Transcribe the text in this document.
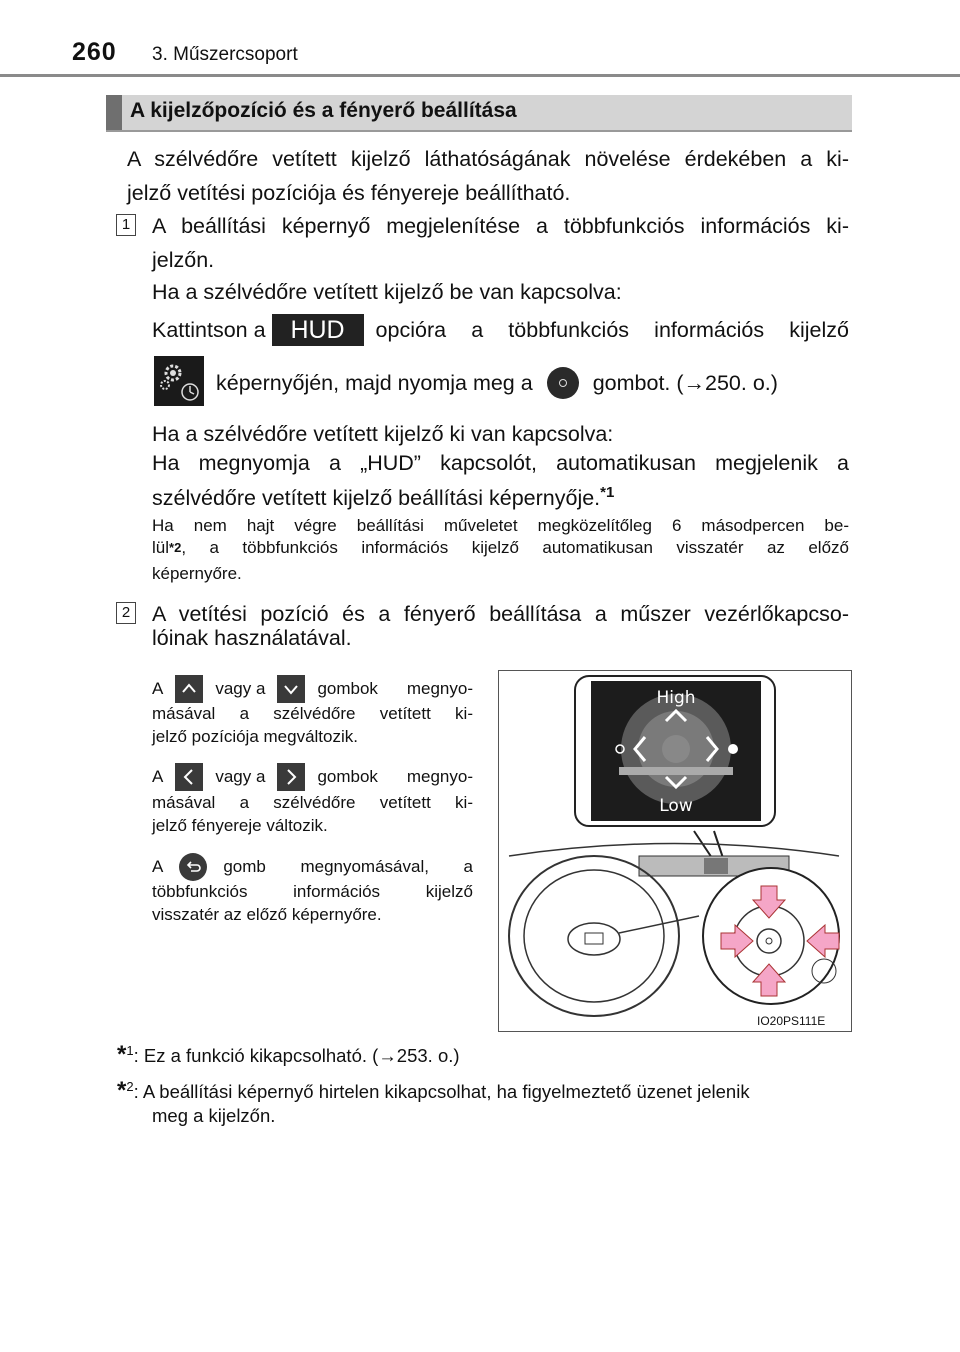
260 3. Műszercsoport
A kijelzőpozíció és a fényerő beállítása
A szélvédőre vetített kijelző láthatóságának növelése érdekében a ki-
jelző vetítési pozíciója és fényereje beállítható.
1 A beállítási képernyő megjelenítése a többfunkciós információs ki-
jelzőn.
Ha a szélvédőre vetített kijelző be van kapcsolva:
Kattintson a HUD	opcióra a többfunkciós információs kijelző
képernyőjén, majd nyomja meg a	gombot. (→250. o.)
Ha a szélvédőre vetített kijelző ki van kapcsolva:
Ha megnyomja a „HUD” kapcsolót, automatikusan megjelenik a
szélvédőre vetített kijelző beállítási képernyője.$^{*1}$
Ha nem hajt végre beállítási műveletet megközelítőleg 6 másodpercen be-
lül *2 , a többfunkciós információs kijelző automatikusan visszatér az előző
képernyőre.
2 A vetítési pozíció és a fényerő beállítása a műszer vezérlőkapcso-
lóinak használatával.
A	vagy a	gombok megnyo-
másával a szélvédőre vetített ki-
jelző pozíciója megváltozik.
A	vagy a	gombok megnyo-
másával a szélvédőre vetített ki-
jelző fényereje változik.
A	gomb megnyomásával, a
többfunkciós információs kijelző
visszatér az előző képernyőre.
High
Low
IO20PS111E
*$^1$: Ez a funkció kikapcsolható. (→253. o.)
*$^2$: A beállítási képernyő hirtelen kikapcsolhat, ha figyelmeztető üzenet jelenik
meg a kijelzőn.
